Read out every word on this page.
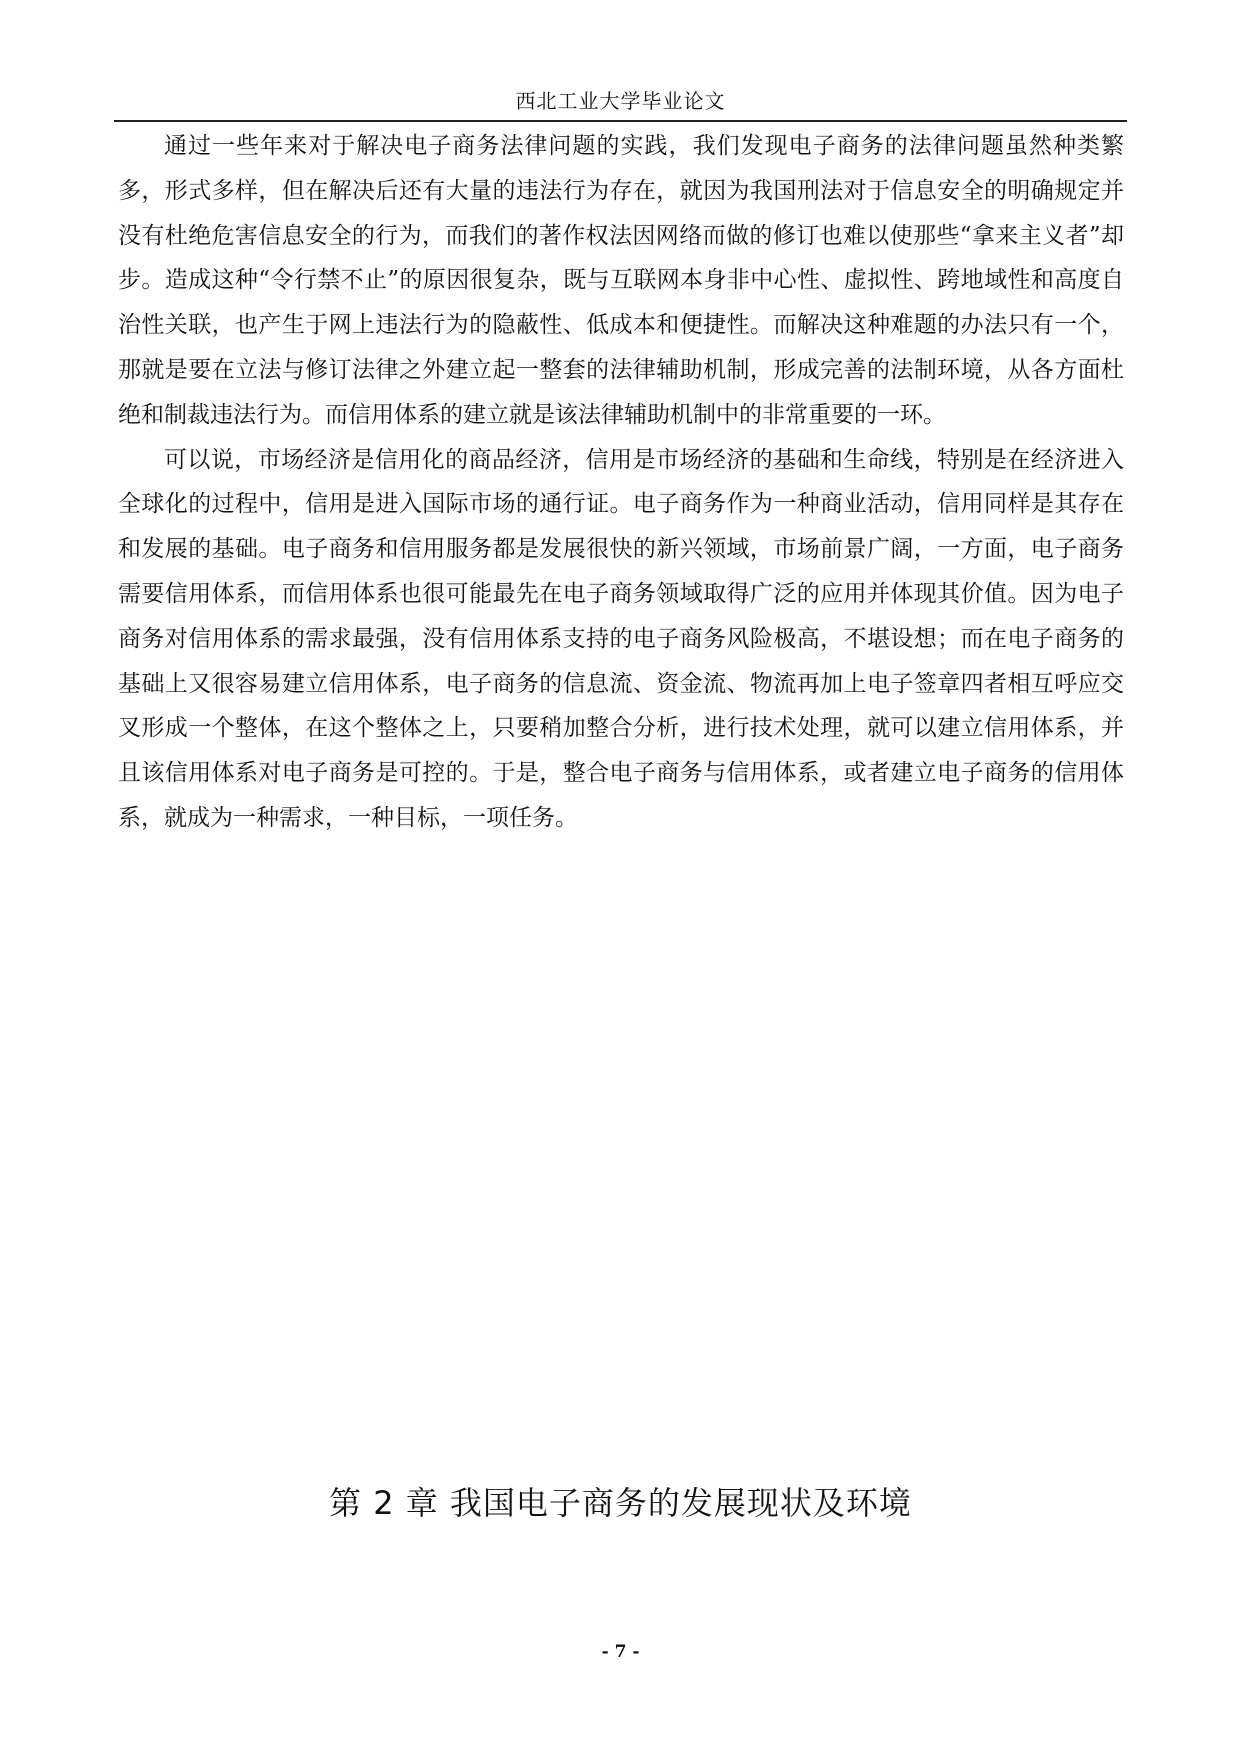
西北工业大学毕业论文

通过一些年来对于解决电子商务法律问题的实践，我们发现电子商务的法律问题虽然种类繁多，形式多样，但在解决后还有大量的违法行为存在，就因为我国刑法对于信息安全的明确规定并没有杜绝危害信息安全的行为，而我们的著作权法因网络而做的修订也难以使那些“拿来主义者”却步。造成这种“令行禁不止”的原因很复杂，既与互联网本身非中心性、虚拟性、跨地域性和高度自治性关联，也产生于网上违法行为的隐蔽性、低成本和便捷性。而解决这种难题的办法只有一个，那就是要在立法与修订法律之外建立起一整套的法律辅助机制，形成完善的法制环境，从各方面杜绝和制裁违法行为。而信用体系的建立就是该法律辅助机制中的非常重要的一环。

可以说，市场经济是信用化的商品经济，信用是市场经济的基础和生命线，特别是在经济进入全球化的过程中，信用是进入国际市场的通行证。电子商务作为一种商业活动，信用同样是其存在和发展的基础。电子商务和信用服务都是发展很快的新兴领域，市场前景广阔，一方面，电子商务需要信用体系，而信用体系也很可能最先在电子商务领域取得广泛的应用并体现其价值。因为电子商务对信用体系的需求最强，没有信用体系支持的电子商务风险极高，不堪设想；而在电子商务的基础上又很容易建立信用体系，电子商务的信息流、资金流、物流再加上电子签章四者相互呼应交叉形成一个整体，在这个整体之上，只要稍加整合分析，进行技术处理，就可以建立信用体系，并且该信用体系对电子商务是可控的。于是，整合电子商务与信用体系，或者建立电子商务的信用体系，就成为一种需求，一种目标，一项任务。

第 2 章 我国电子商务的发展现状及环境
- 7 -
